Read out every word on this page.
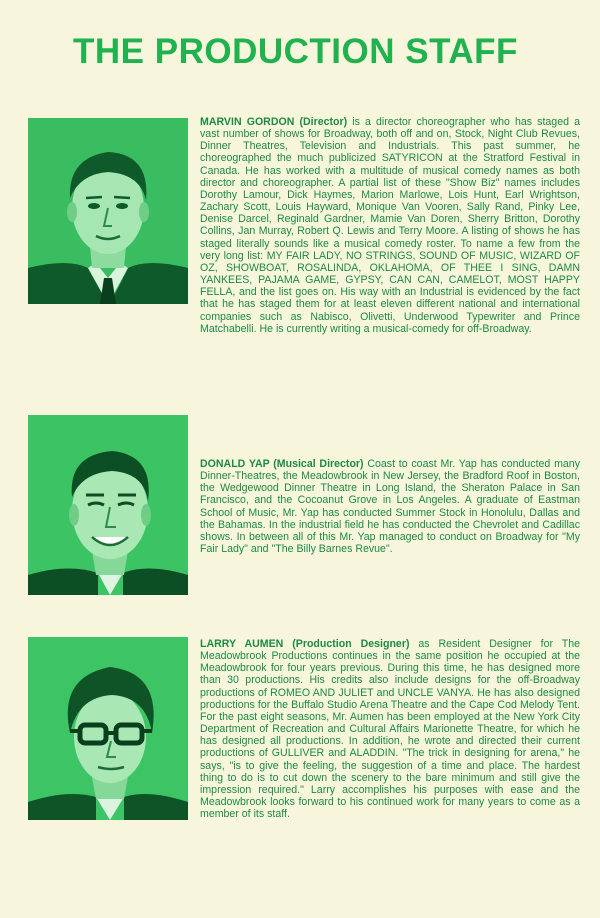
THE PRODUCTION STAFF

MARVIN GORDON (Director) is a director choreographer who has staged a vast number of shows for Broadway, both off and on, Stock, Night Club Revues, Dinner Theatres, Television and Industrials. This past summer, he choreographed the much publicized SATYRICON at the Stratford Festival in Canada. He has worked with a multitude of musical comedy names as both director and choreographer. A partial list of these "Show Biz" names includes Dorothy Lamour, Dick Haymes, Marion Marlowe, Lois Hunt, Earl Wrightson, Zachary Scott, Louis Hayward, Monique Van Vooren, Sally Rand, Pinky Lee, Denise Darcel, Reginald Gardner, Mamie Van Doren, Sherry Britton, Dorothy Collins, Jan Murray, Robert Q. Lewis and Terry Moore. A listing of shows he has staged literally sounds like a musical comedy roster. To name a few from the very long list: MY FAIR LADY, NO STRINGS, SOUND OF MUSIC, WIZARD OF OZ, SHOWBOAT, ROSALINDA, OKLAHOMA, OF THEE I SING, DAMN YANKEES, PAJAMA GAME, GYPSY, CAN CAN, CAMELOT, MOST HAPPY FELLA, and the list goes on. His way with an Industrial is evidenced by the fact that he has staged them for at least eleven different national and international companies such as Nabisco, Olivetti, Underwood Typewriter and Prince Matchabelli. He is currently writing a musical-comedy for off-Broadway.

DONALD YAP (Musical Director) Coast to coast Mr. Yap has conducted many Dinner-Theatres, the Meadowbrook in New Jersey, the Bradford Roof in Boston, the Wedgewood Dinner Theatre in Long Island, the Sheraton Palace in San Francisco, and the Cocoanut Grove in Los Angeles. A graduate of Eastman School of Music, Mr. Yap has conducted Summer Stock in Honolulu, Dallas and the Bahamas. In the industrial field he has conducted the Chevrolet and Cadillac shows. In between all of this Mr. Yap managed to conduct on Broadway for "My Fair Lady" and "The Billy Barnes Revue".

LARRY AUMEN (Production Designer) as Resident Designer for The Meadowbrook Productions continues in the same position he occupied at the Meadowbrook for four years previous. During this time, he has designed more than 30 productions. His credits also include designs for the off-Broadway productions of ROMEO AND JULIET and UNCLE VANYA. He has also designed productions for the Buffalo Studio Arena Theatre and the Cape Cod Melody Tent. For the past eight seasons, Mr. Aumen has been employed at the New York City Department of Recreation and Cultural Affairs Marionette Theatre, for which he has designed all productions. In addition, he wrote and directed their current productions of GULLIVER and ALADDIN. "The trick in designing for arena," he says, "is to give the feeling, the suggestion of a time and place. The hardest thing to do is to cut down the scenery to the bare minimum and still give the impression required." Larry accomplishes his purposes with ease and the Meadowbrook looks forward to his continued work for many years to come as a member of its staff.
